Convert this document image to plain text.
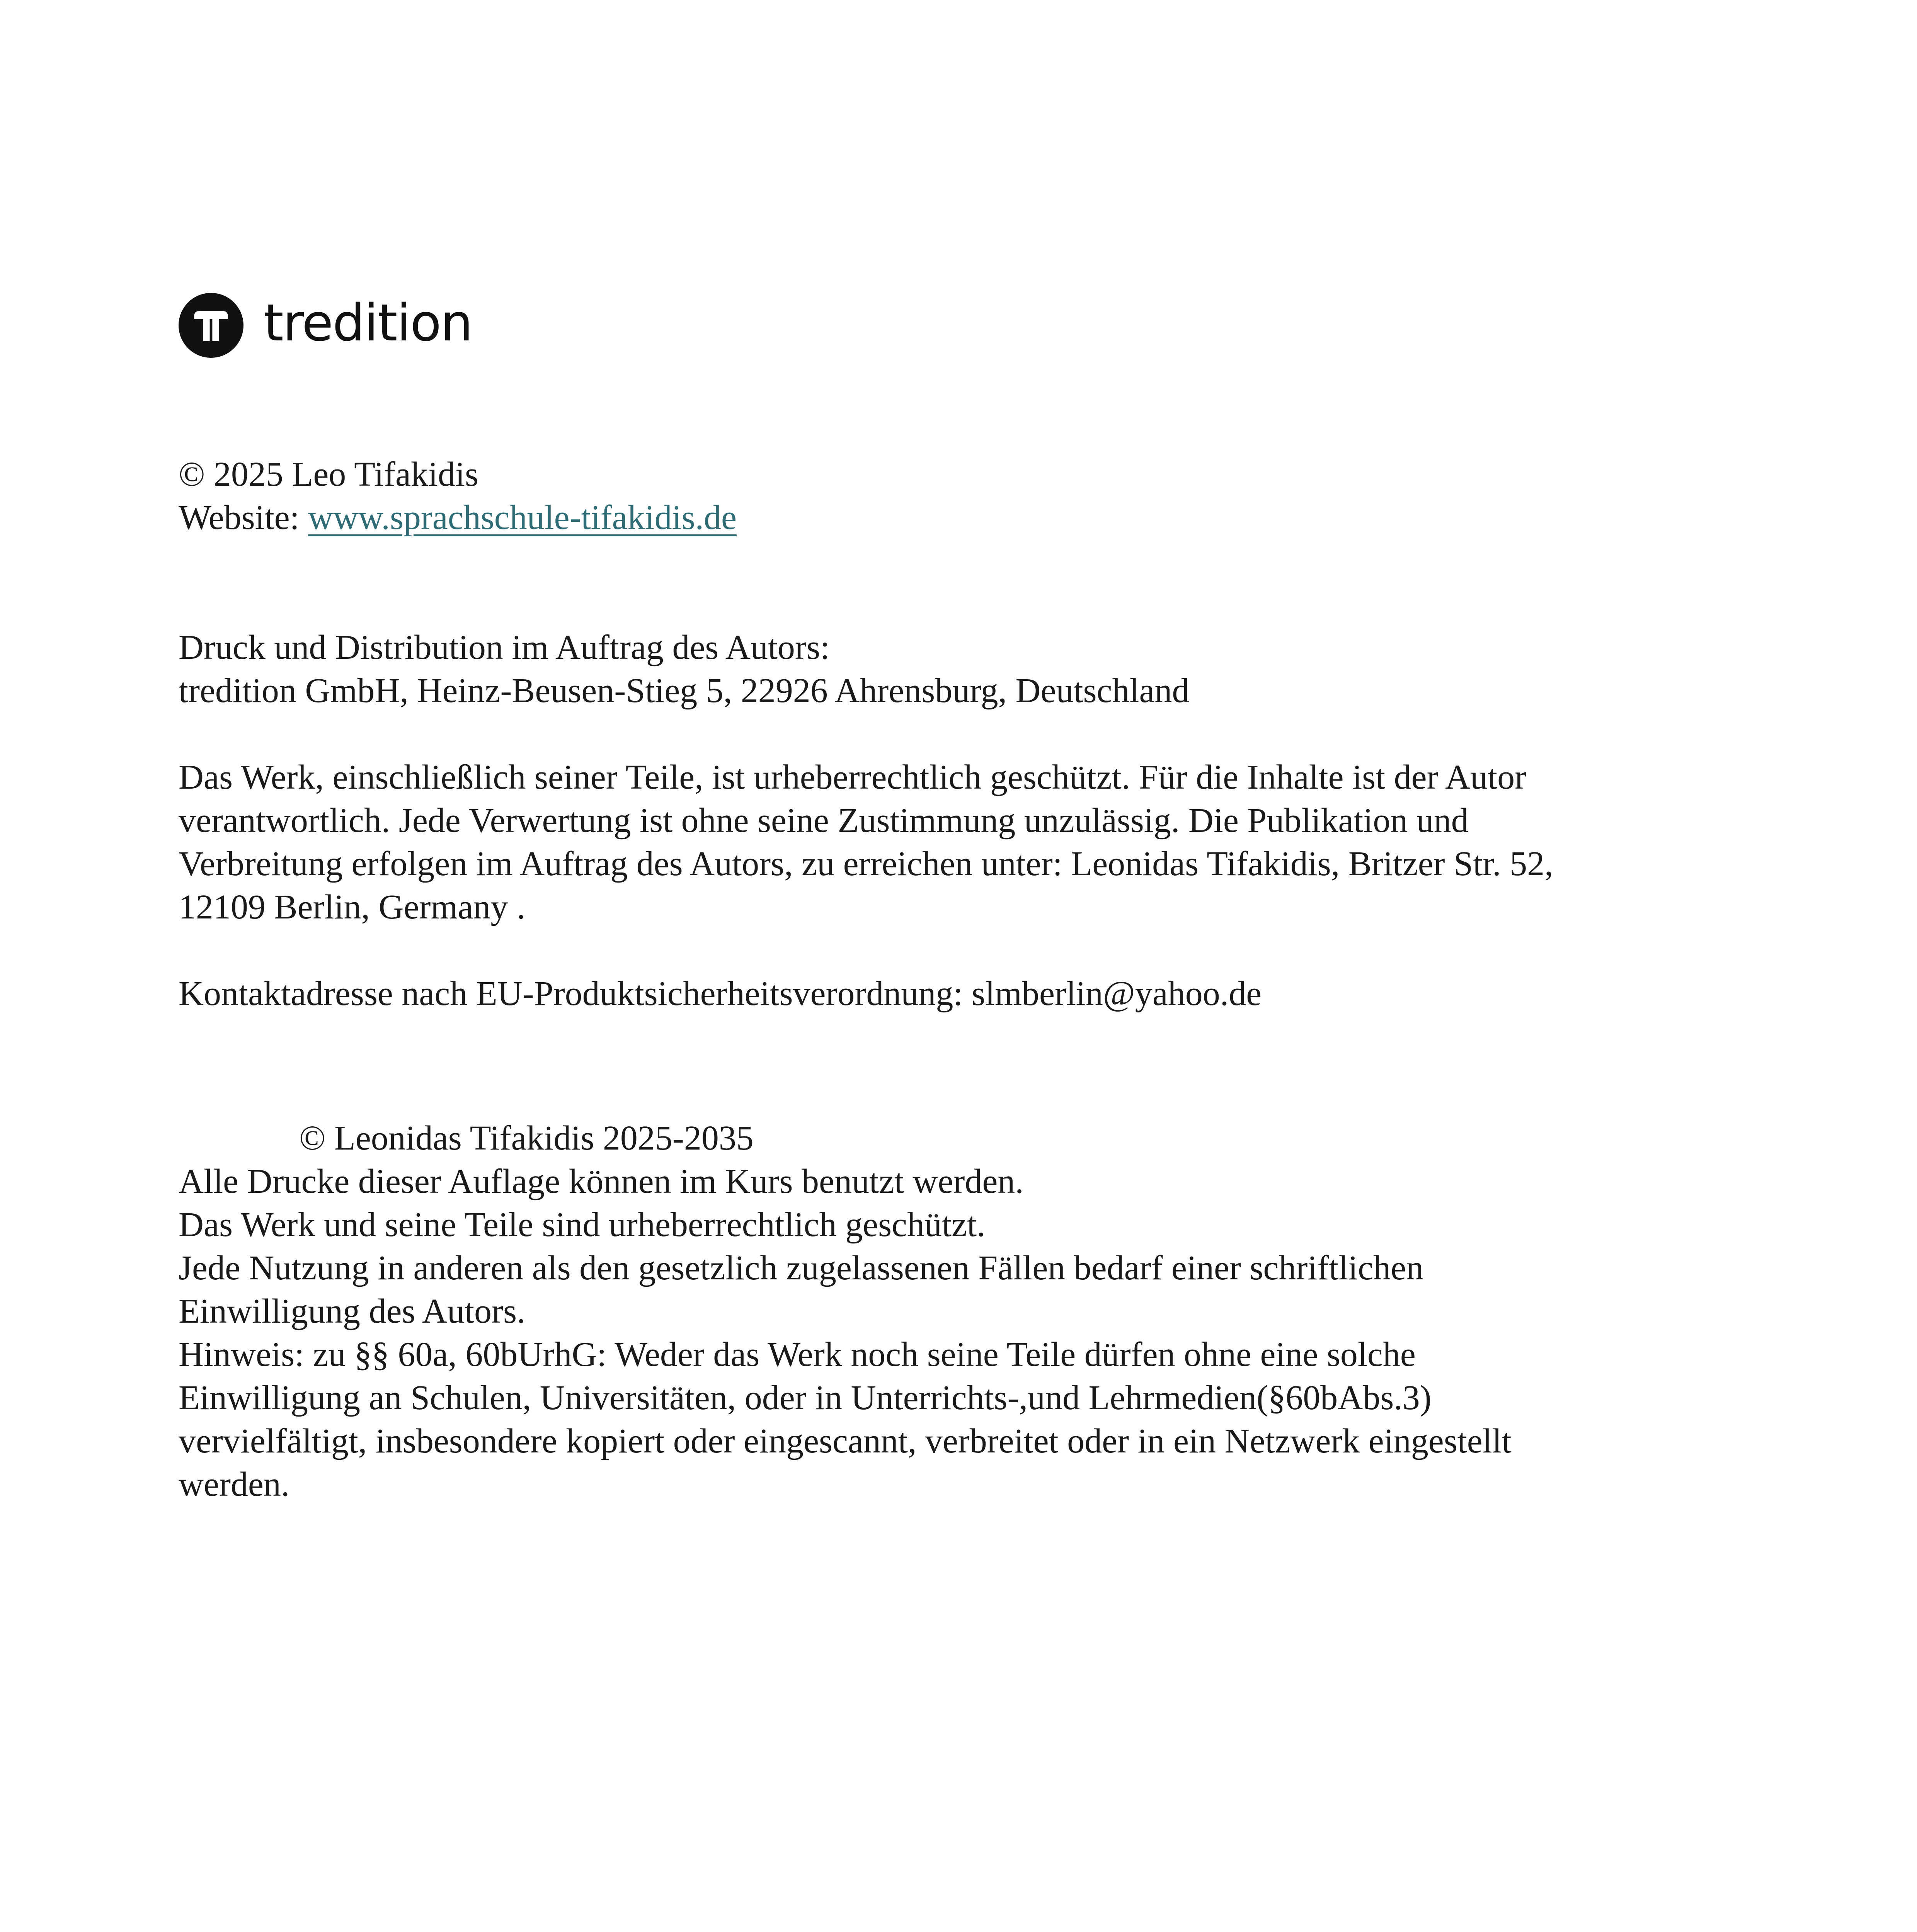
tredition
© 2025 Leo Tifakidis
Website: www.sprachschule-tifakidis.de
Druck und Distribution im Auftrag des Autors:
tredition GmbH, Heinz-Beusen-Stieg 5, 22926 Ahrensburg, Deutschland
Das Werk, einschließlich seiner Teile, ist urheberrechtlich geschützt. Für die Inhalte ist der Autor
verantwortlich. Jede Verwertung ist ohne seine Zustimmung unzulässig. Die Publikation und
Verbreitung erfolgen im Auftrag des Autors, zu erreichen unter: Leonidas Tifakidis, Britzer Str. 52,
12109 Berlin, Germany .
Kontaktadresse nach EU-Produktsicherheitsverordnung: slmberlin@yahoo.de
© Leonidas Tifakidis 2025-2035
Alle Drucke dieser Auflage können im Kurs benutzt werden.
Das Werk und seine Teile sind urheberrechtlich geschützt.
Jede Nutzung in anderen als den gesetzlich zugelassenen Fällen bedarf einer schriftlichen
Einwilligung des Autors.
Hinweis: zu §§ 60a, 60bUrhG: Weder das Werk noch seine Teile dürfen ohne eine solche
Einwilligung an Schulen, Universitäten, oder in Unterrichts-,und Lehrmedien(§60bAbs.3)
vervielfältigt, insbesondere kopiert oder eingescannt, verbreitet oder in ein Netzwerk eingestellt
werden.
